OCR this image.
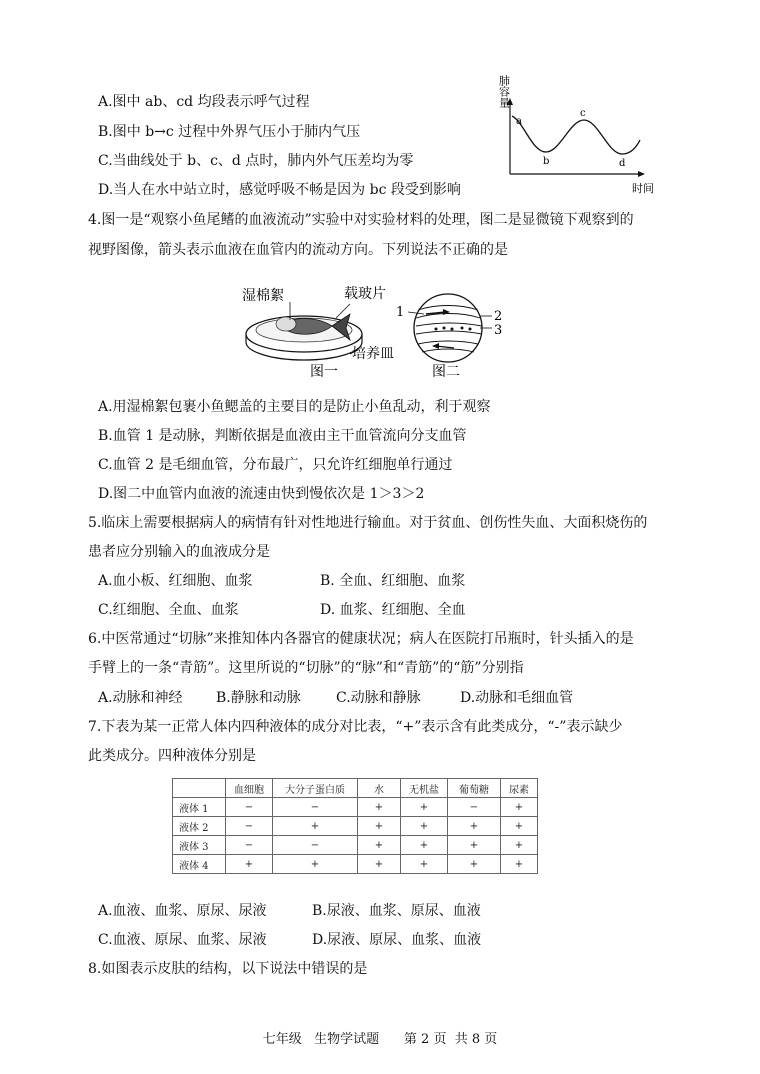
A.图中 ab、cd 均段表示呼气过程
B.图中 b→c 过程中外界气压小于肺内气压
C.当曲线处于 b、c、d 点时，肺内外气压差均为零
D.当人在水中站立时，感觉呼吸不畅是因为 bc 段受到影响
肺容量
a
b
c
d
时间
4.图一是“观察小鱼尾鳍的血液流动”实验中对实验材料的处理，图二是显微镜下观察到的
视野图像，箭头表示血液在血管内的流动方向。下列说法不正确的是
湿棉絮	载玻片
培养皿
图一
1	2
3
图二
A.用湿棉絮包裹小鱼鳃盖的主要目的是防止小鱼乱动，利于观察
B.血管 1 是动脉，判断依据是血液由主干血管流向分支血管
C.血管 2 是毛细血管，分布最广，只允许红细胞单行通过
D.图二中血管内血液的流速由快到慢依次是 1＞3＞2
5.临床上需要根据病人的病情有针对性地进行输血。对于贫血、创伤性失血、大面积烧伤的
患者应分别输入的血液成分是
A.血小板、红细胞、血浆	B. 全血、红细胞、血浆
C.红细胞、全血、血浆	D. 血浆、红细胞、全血
6.中医常通过“切脉”来推知体内各器官的健康状况；病人在医院打吊瓶时，针头插入的是
手臂上的一条“青筋”。这里所说的“切脉”的“脉”和“青筋”的“筋”分别指
A.动脉和神经 B.静脉和动脉	C.动脉和静脉	D.动脉和毛细血管
7.下表为某一正常人体内四种液体的成分对比表，“+”表示含有此类成分，“-”表示缺少
此类成分。四种液体分别是
	血细胞	大分子蛋白质	水	无机盐	葡萄糖	尿素
液体 1	−	−	+	+	−	+
液体 2	−	+	+	+	+	+
液体 3	−	−	+	+	+	+
液体 4	+	+	+	+	+	+
A.血液、血浆、原尿、尿液	B.尿液、血浆、原尿、血液
C.血液、原尿、血浆、尿液	D.尿液、原尿、血浆、血液
8.如图表示皮肤的结构，以下说法中错误的是
七年级   生物学试题      第 2 页  共 8 页
